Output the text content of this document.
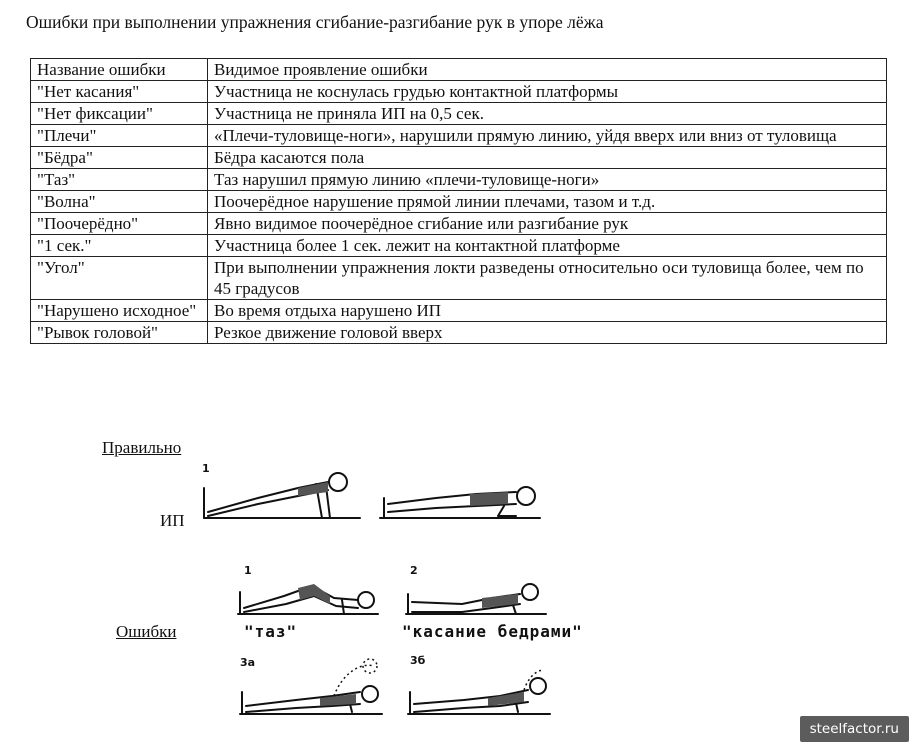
Ошибки при выполнении упражнения сгибание-разгибание рук в упоре лёжа
Название ошибки	Видимое проявление ошибки
"Нет касания"	Участница не коснулась грудью контактной платформы
"Нет фиксации"	Участница не приняла ИП на 0,5 сек.
"Плечи"	«Плечи-туловище-ноги», нарушили прямую линию, уйдя вверх или вниз от туловища
"Бёдра"	Бёдра касаются пола
"Таз"	Таз нарушил прямую линию «плечи-туловище-ноги»
"Волна"	Поочерёдное нарушение прямой линии плечами, тазом и т.д.
"Поочерёдно"	Явно видимое поочерёдное сгибание или разгибание рук
"1 сек."	Участница более 1 сек. лежит на контактной платформе
"Угол"	При выполнении упражнения локти разведены относительно оси туловища более, чем по 45 градусов
"Нарушено исходное"	Во время отдыха нарушено ИП
"Рывок головой"	Резкое движение головой вверх
Правильно
ИП
Ошибки
1
1
"таз"
2
"касание бедрами"
3а	3б
steelfactor.ru
